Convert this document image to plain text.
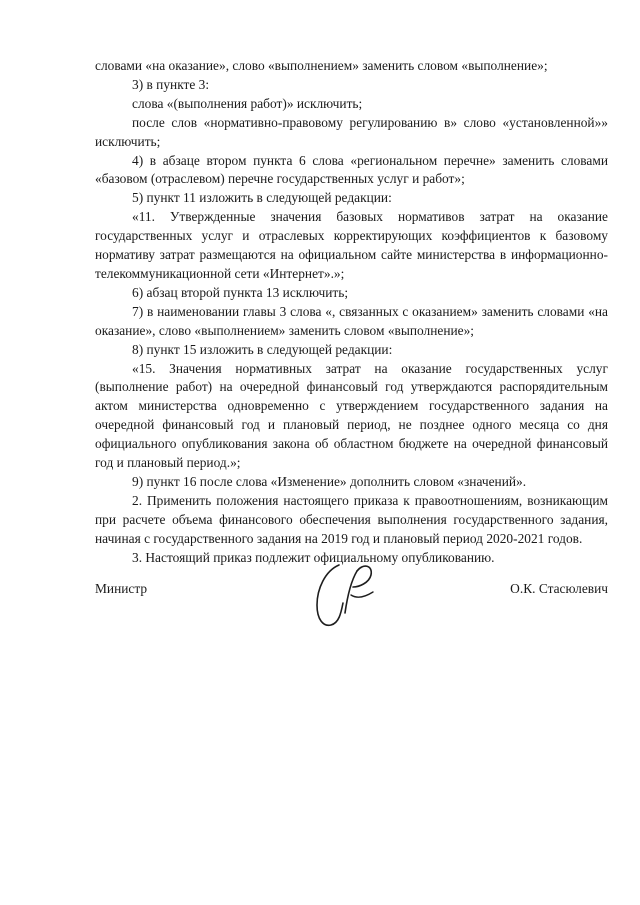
словами «на оказание», слово «выполнением» заменить словом «выполнение»;

3) в пункте 3:

слова «(выполнения работ)» исключить;

после слов «нормативно-правовому регулированию в» слово «установленной»» исключить;

4) в абзаце втором пункта 6 слова «региональном перечне» заменить словами «базовом (отраслевом) перечне государственных услуг и работ»;

5) пункт 11 изложить в следующей редакции:

«11. Утвержденные значения базовых нормативов затрат на оказание государственных услуг и отраслевых корректирующих коэффициентов к базовому нормативу затрат размещаются на официальном сайте министерства в информационно-телекоммуникационной сети «Интернет».»;

6) абзац второй пункта 13 исключить;

7) в наименовании главы 3 слова «, связанных с оказанием» заменить словами «на оказание», слово «выполнением» заменить словом «выполнение»;

8) пункт 15 изложить в следующей редакции:

«15. Значения нормативных затрат на оказание государственных услуг (выполнение работ) на очередной финансовый год утверждаются распорядительным актом министерства одновременно с утверждением государственного задания на очередной финансовый год и плановый период, не позднее одного месяца со дня официального опубликования закона об областном бюджете на очередной финансовый год и плановый период.»;

9) пункт 16 после слова «Изменение» дополнить словом «значений».

2. Применить положения настоящего приказа к правоотношениям, возникающим при расчете объема финансового обеспечения выполнения государственного задания, начиная с государственного задания на 2019 год и плановый период 2020-2021 годов.

3. Настоящий приказ подлежит официальному опубликованию.

Министр	О.К. Стасюлевич
